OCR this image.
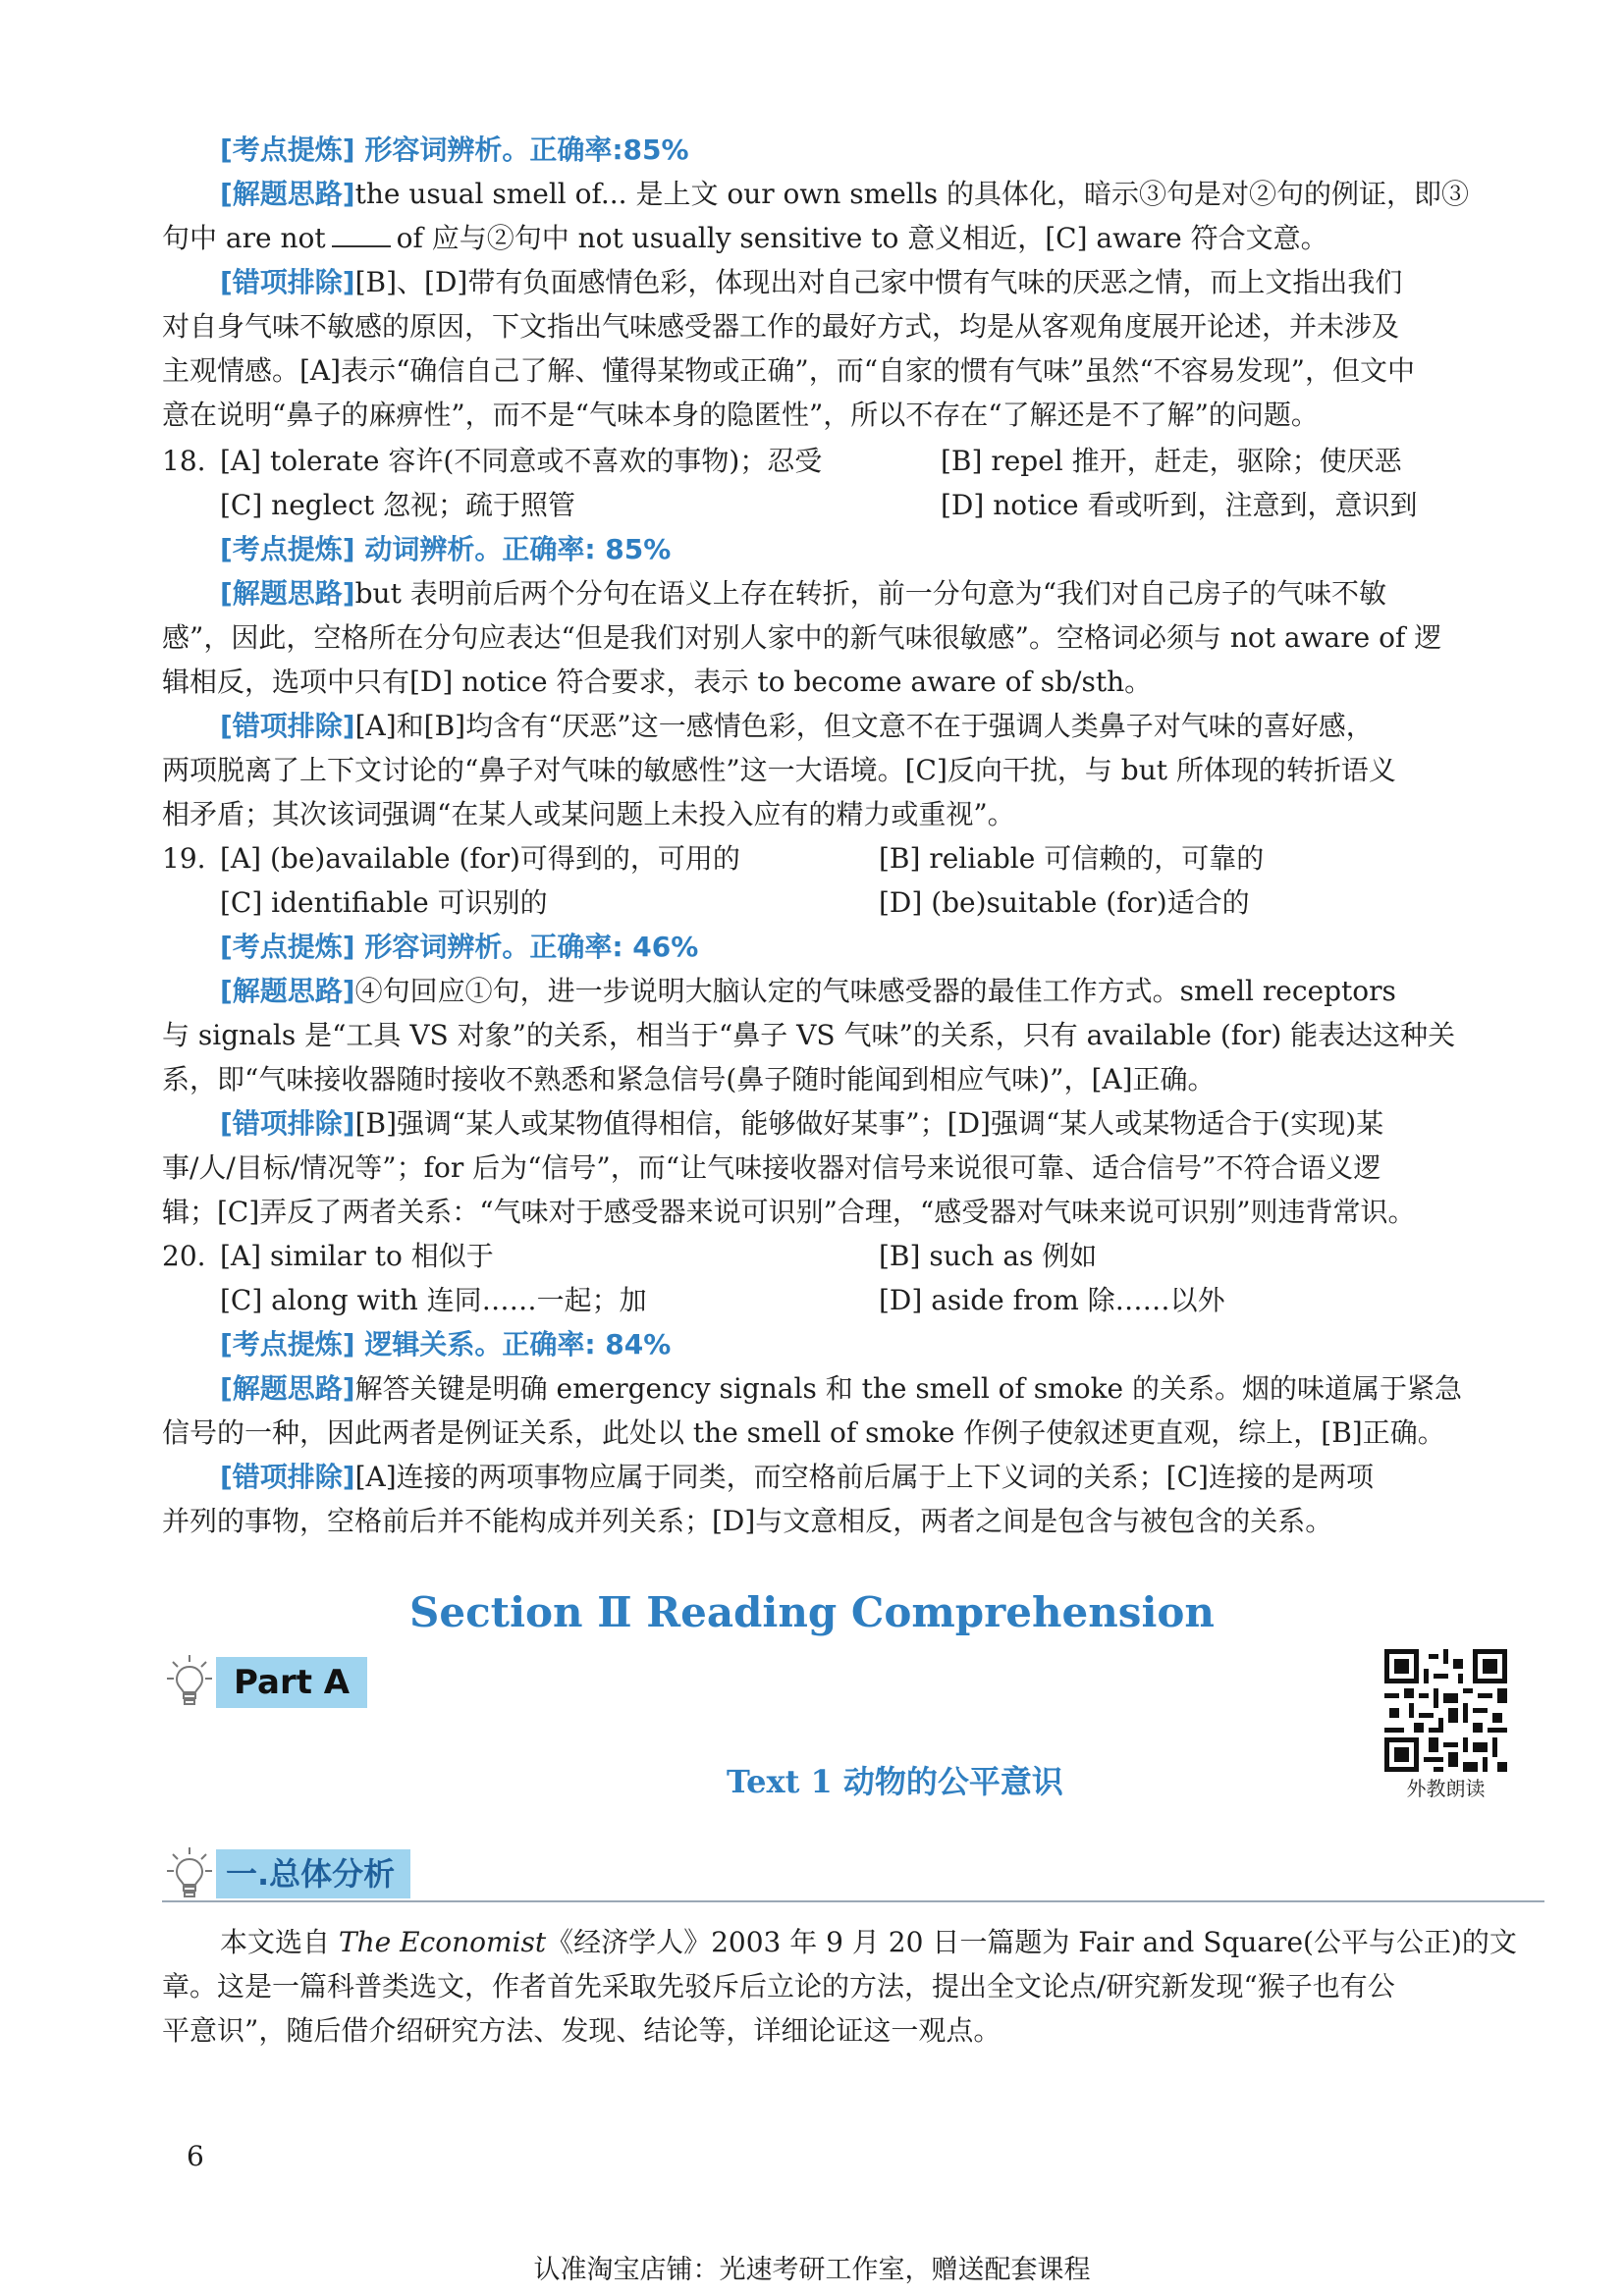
[考点提炼] 形容词辨析。正确率:85%
[解题思路]the usual smell of... 是上文 our own smells 的具体化，暗示③句是对②句的例证，即③
句中 are not	of 应与②句中 not usually sensitive to 意义相近，[C] aware 符合文意。
[错项排除][B]、[D]带有负面感情色彩，体现出对自己家中惯有气味的厌恶之情，而上文指出我们
对自身气味不敏感的原因，下文指出气味感受器工作的最好方式，均是从客观角度展开论述，并未涉及
主观情感。[A]表示“确信自己了解、懂得某物或正确”，而“自家的惯有气味”虽然“不容易发现”，但文中
意在说明“鼻子的麻痹性”，而不是“气味本身的隐匿性”，所以不存在“了解还是不了解”的问题。
18. [A] tolerate 容许(不同意或不喜欢的事物)；忍受	[B] repel 推开，赶走，驱除；使厌恶
[C] neglect 忽视；疏于照管	[D] notice 看或听到，注意到，意识到
[考点提炼] 动词辨析。正确率: 85%
[解题思路]but 表明前后两个分句在语义上存在转折，前一分句意为“我们对自己房子的气味不敏
感”，因此，空格所在分句应表达“但是我们对别人家中的新气味很敏感”。空格词必须与 not aware of 逻
辑相反，选项中只有[D] notice 符合要求，表示 to become aware of sb/sth。
[错项排除][A]和[B]均含有“厌恶”这一感情色彩，但文意不在于强调人类鼻子对气味的喜好感，
两项脱离了上下文讨论的“鼻子对气味的敏感性”这一大语境。[C]反向干扰，与 but 所体现的转折语义
相矛盾；其次该词强调“在某人或某问题上未投入应有的精力或重视”。
19. [A] (be)available (for)可得到的，可用的	[B] reliable 可信赖的，可靠的
[C] identifiable 可识别的	[D] (be)suitable (for)适合的
[考点提炼] 形容词辨析。正确率: 46%
[解题思路]④句回应①句，进一步说明大脑认定的气味感受器的最佳工作方式。smell receptors
与 signals 是“工具 VS 对象”的关系，相当于“鼻子 VS 气味”的关系，只有 available (for) 能表达这种关
系，即“气味接收器随时接收不熟悉和紧急信号(鼻子随时能闻到相应气味)”，[A]正确。
[错项排除][B]强调“某人或某物值得相信，能够做好某事”；[D]强调“某人或某物适合于(实现)某
事/人/目标/情况等”；for 后为“信号”，而“让气味接收器对信号来说很可靠、适合信号”不符合语义逻
辑；[C]弄反了两者关系：“气味对于感受器来说可识别”合理，“感受器对气味来说可识别”则违背常识。
20. [A] similar to 相似于	[B] such as 例如
[C] along with 连同……一起；加	[D] aside from 除……以外
[考点提炼] 逻辑关系。正确率: 84%
[解题思路]解答关键是明确 emergency signals 和 the smell of smoke 的关系。烟的味道属于紧急
信号的一种，因此两者是例证关系，此处以 the smell of smoke 作例子使叙述更直观，综上，[B]正确。
[错项排除][A]连接的两项事物应属于同类，而空格前后属于上下义词的关系；[C]连接的是两项
并列的事物，空格前后并不能构成并列关系；[D]与文意相反，两者之间是包含与被包含的关系。
Section Ⅱ Reading Comprehension
Part A
外教朗读
Text 1 动物的公平意识
一.总体分析
本文选自 The Economist《经济学人》2003 年 9 月 20 日一篇题为 Fair and Square(公平与公正)的文
章。这是一篇科普类选文，作者首先采取先驳斥后立论的方法，提出全文论点/研究新发现“猴子也有公
平意识”，随后借介绍研究方法、发现、结论等，详细论证这一观点。
6
认准淘宝店铺：光速考研工作室，赠送配套课程
